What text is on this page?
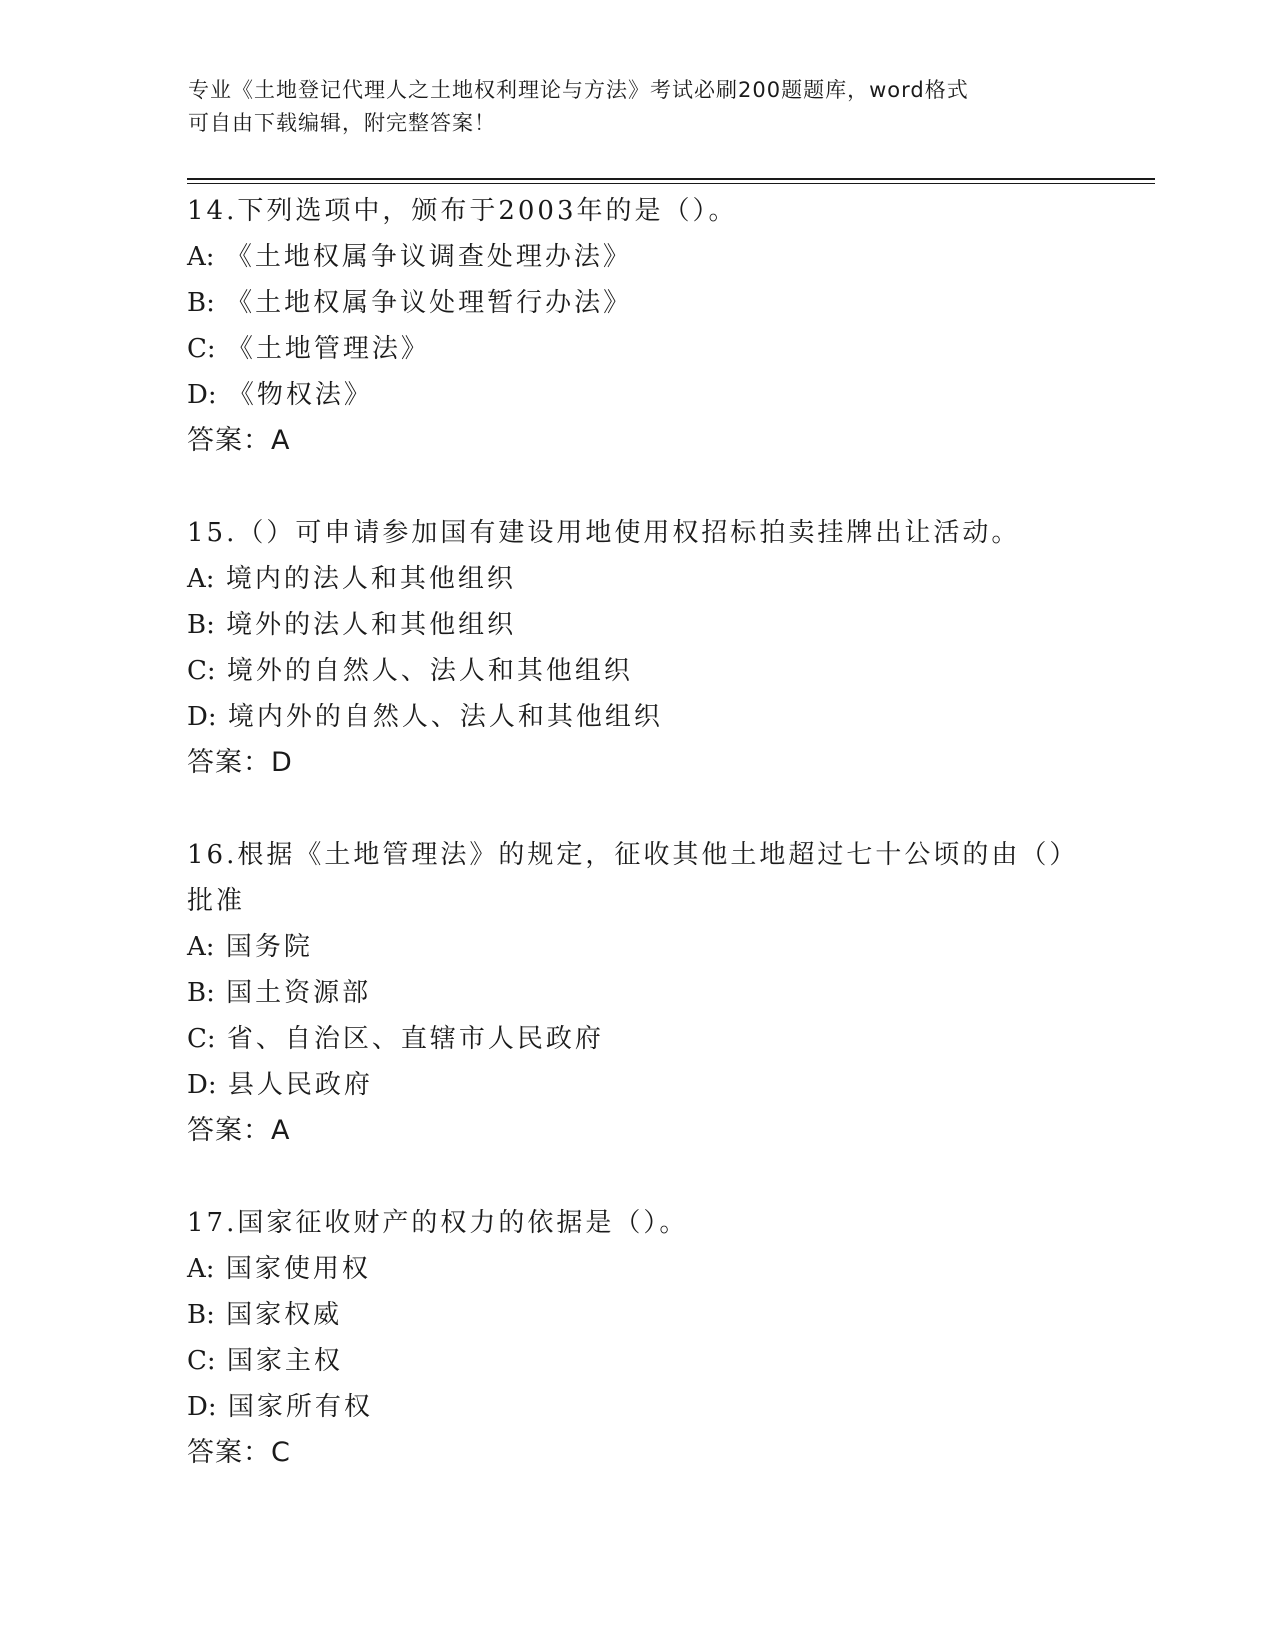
专业《土地登记代理人之土地权利理论与方法》考试必刷200题题库，word格式
可自由下载编辑，附完整答案！
14.下列选项中，颁布于2003年的是（）。
A: 《土地权属争议调查处理办法》
B: 《土地权属争议处理暂行办法》
C: 《土地管理法》
D: 《物权法》
答案：A
15.（）可申请参加国有建设用地使用权招标拍卖挂牌出让活动。
A: 境内的法人和其他组织
B: 境外的法人和其他组织
C: 境外的自然人、法人和其他组织
D: 境内外的自然人、法人和其他组织
答案：D
16.根据《土地管理法》的规定，征收其他土地超过七十公顷的由（）批准
A: 国务院
B: 国土资源部
C: 省、自治区、直辖市人民政府
D: 县人民政府
答案：A
17.国家征收财产的权力的依据是（）。
A: 国家使用权
B: 国家权威
C: 国家主权
D: 国家所有权
答案：C
